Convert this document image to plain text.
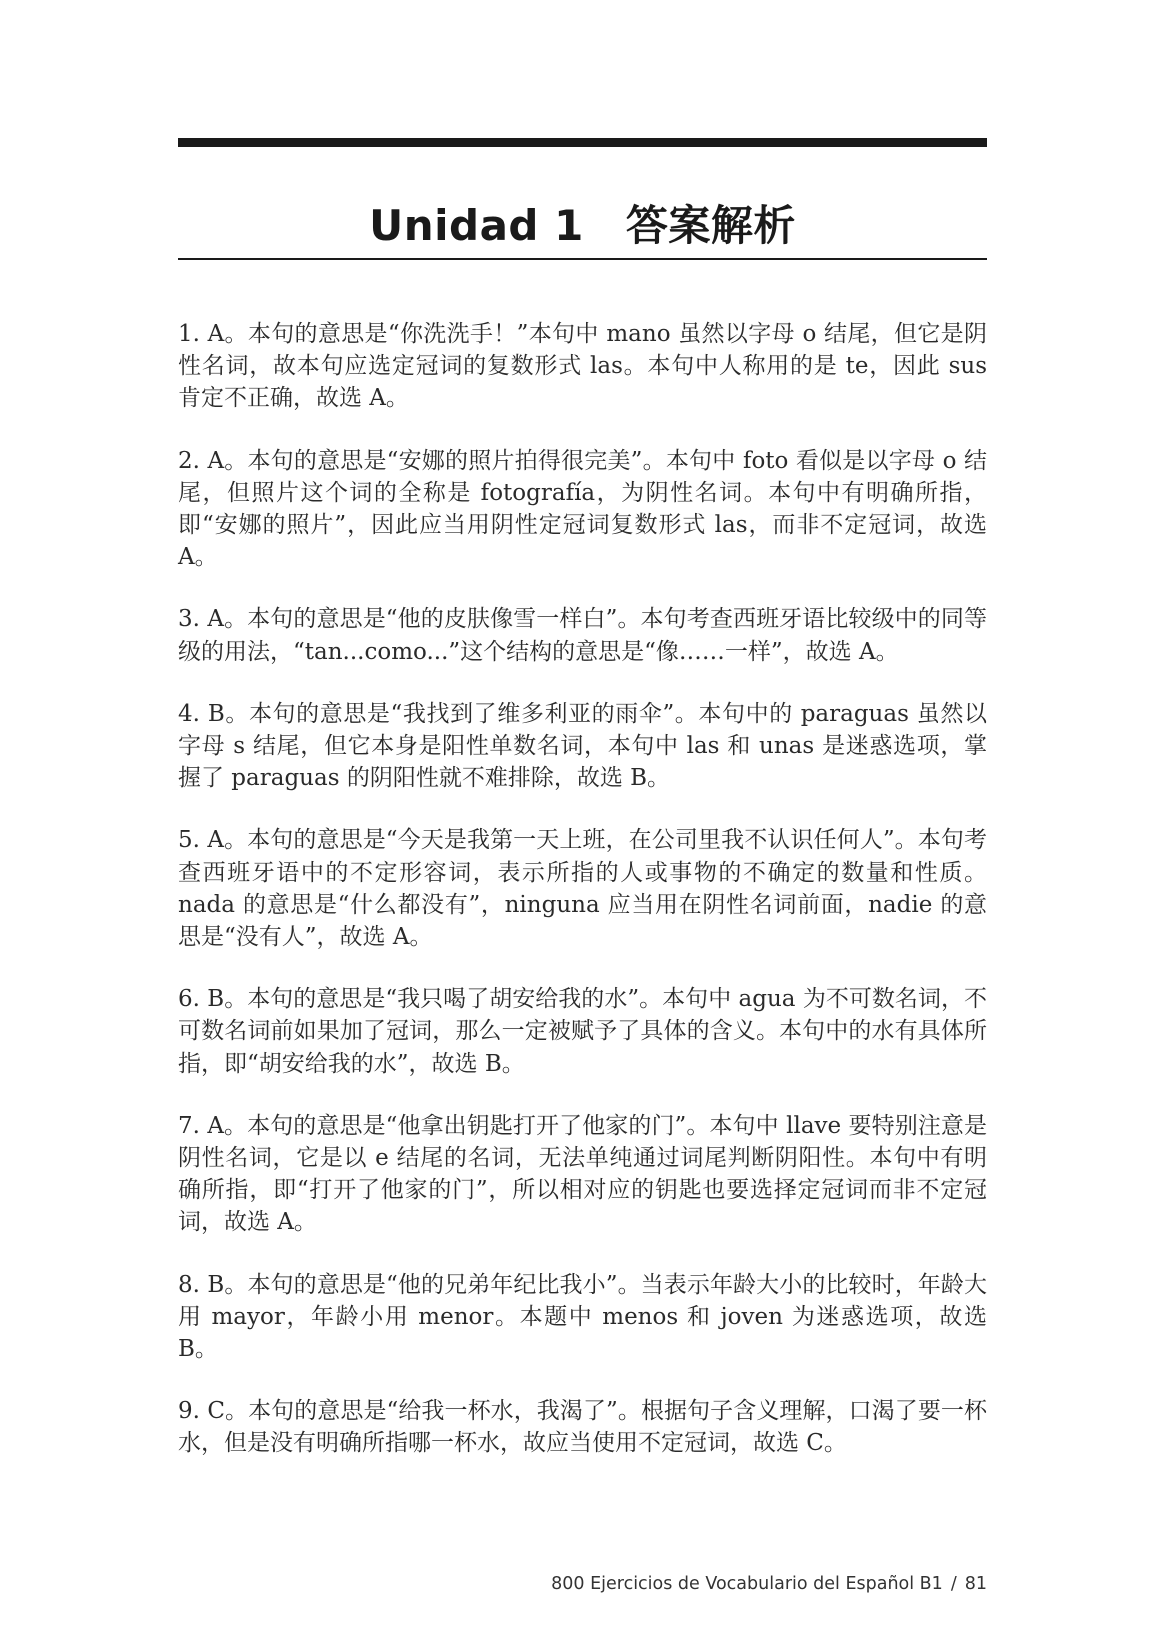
Unidad 1 答案解析

1. A。本句的意思是“你洗洗手！”本句中 mano 虽然以字母 o 结尾，但它是阴性名词，故本句应选定冠词的复数形式 las。本句中人称用的是 te，因此 sus 肯定不正确，故选 A。

2. A。本句的意思是“安娜的照片拍得很完美”。本句中 foto 看似是以字母 o 结尾，但照片这个词的全称是 fotografía，为阴性名词。本句中有明确所指，即“安娜的照片”，因此应当用阴性定冠词复数形式 las，而非不定冠词，故选 A。

3. A。本句的意思是“他的皮肤像雪一样白”。本句考查西班牙语比较级中的同等级的用法，“tan...como...”这个结构的意思是“像……一样”，故选 A。

4. B。本句的意思是“我找到了维多利亚的雨伞”。本句中的 paraguas 虽然以字母 s 结尾，但它本身是阳性单数名词，本句中 las 和 unas 是迷惑选项，掌握了 paraguas 的阴阳性就不难排除，故选 B。

5. A。本句的意思是“今天是我第一天上班，在公司里我不认识任何人”。本句考查西班牙语中的不定形容词，表示所指的人或事物的不确定的数量和性质。nada 的意思是“什么都没有”，ninguna 应当用在阴性名词前面，nadie 的意思是“没有人”，故选 A。

6. B。本句的意思是“我只喝了胡安给我的水”。本句中 agua 为不可数名词，不可数名词前如果加了冠词，那么一定被赋予了具体的含义。本句中的水有具体所指，即“胡安给我的水”，故选 B。

7. A。本句的意思是“他拿出钥匙打开了他家的门”。本句中 llave 要特别注意是阴性名词，它是以 e 结尾的名词，无法单纯通过词尾判断阴阳性。本句中有明确所指，即“打开了他家的门”，所以相对应的钥匙也要选择定冠词而非不定冠词，故选 A。

8. B。本句的意思是“他的兄弟年纪比我小”。当表示年龄大小的比较时，年龄大用 mayor，年龄小用 menor。本题中 menos 和 joven 为迷惑选项，故选 B。

9. C。本句的意思是“给我一杯水，我渴了”。根据句子含义理解，口渴了要一杯水，但是没有明确所指哪一杯水，故应当使用不定冠词，故选 C。

800 Ejercicios de Vocabulario del Español B1 / 81
